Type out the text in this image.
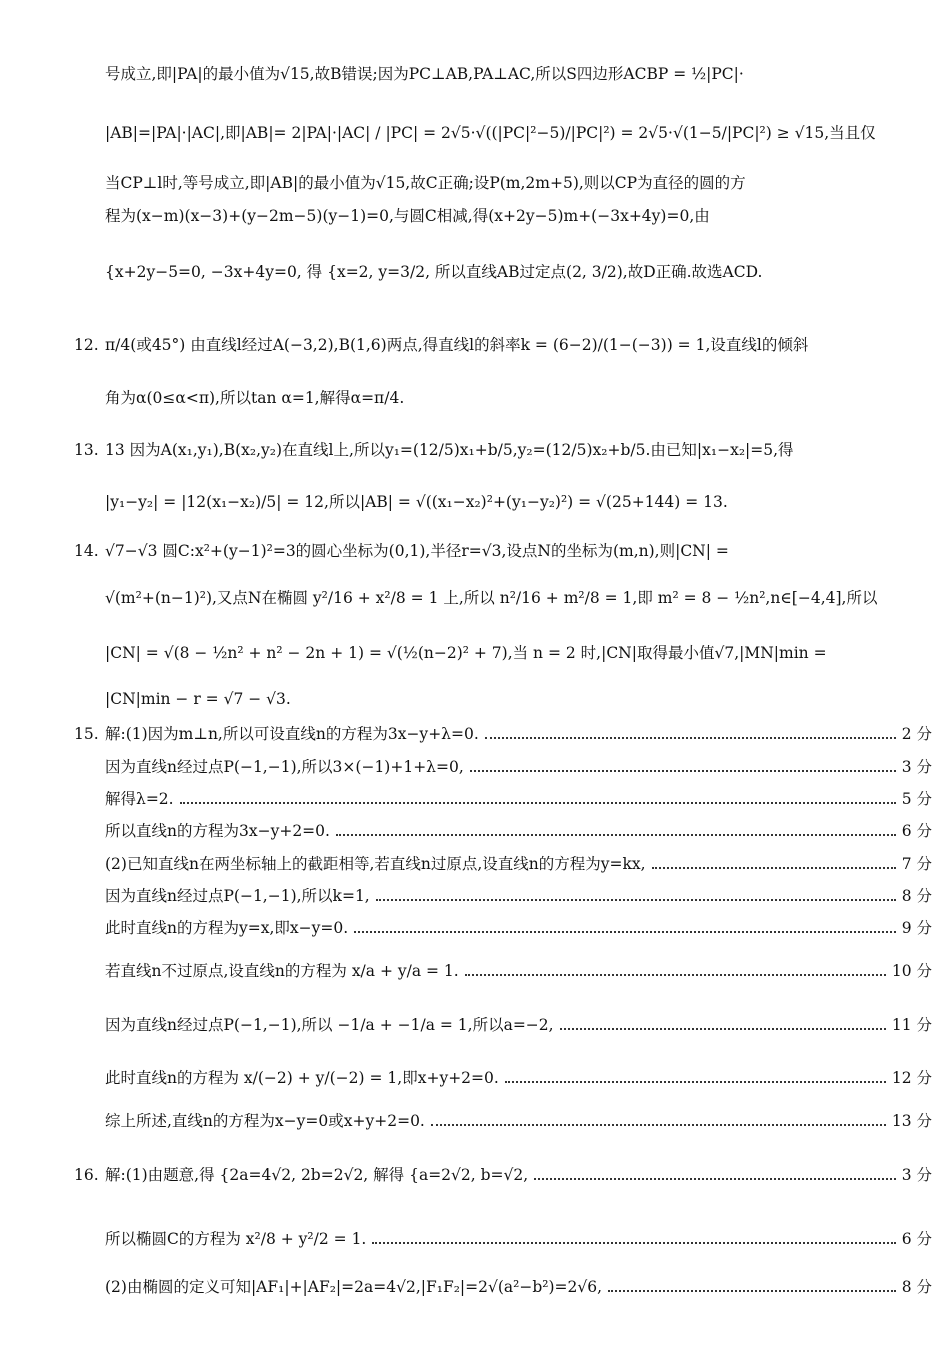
号成立,即|PA|的最小值为√15,故B错误;因为PC⊥AB,PA⊥AC,所以S四边形ACBP = ½|PC|·
|AB|=|PA|·|AC|,即|AB|= 2|PA|·|AC| / |PC| = 2√5·√((|PC|²−5)/|PC|²) = 2√5·√(1−5/|PC|²) ≥ √15,当且仅
当CP⊥l时,等号成立,即|AB|的最小值为√15,故C正确;设P(m,2m+5),则以CP为直径的圆的方
程为(x−m)(x−3)+(y−2m−5)(y−1)=0,与圆C相减,得(x+2y−5)m+(−3x+4y)=0,由
{x+2y−5=0, −3x+4y=0, 得 {x=2, y=3/2, 所以直线AB过定点(2, 3/2),故D正确.故选ACD.
12. π/4(或45°) 由直线l经过A(−3,2),B(1,6)两点,得直线l的斜率k = (6−2)/(1−(−3)) = 1,设直线l的倾斜
角为α(0≤α<π),所以tan α=1,解得α=π/4.
13. 13 因为A(x₁,y₁),B(x₂,y₂)在直线l上,所以y₁=(12/5)x₁+b/5,y₂=(12/5)x₂+b/5.由已知|x₁−x₂|=5,得
|y₁−y₂| = |12(x₁−x₂)/5| = 12,所以|AB| = √((x₁−x₂)²+(y₁−y₂)²) = √(25+144) = 13.
14. √7−√3 圆C:x²+(y−1)²=3的圆心坐标为(0,1),半径r=√3,设点N的坐标为(m,n),则|CN| =
√(m²+(n−1)²),又点N在椭圆 y²/16 + x²/8 = 1 上,所以 n²/16 + m²/8 = 1,即 m² = 8 − ½n²,n∈[−4,4],所以
|CN| = √(8 − ½n² + n² − 2n + 1) = √(½(n−2)² + 7),当 n = 2 时,|CN|取得最小值√7,|MN|min =
|CN|min − r = √7 − √3.
15. 解:(1)因为m⊥n,所以可设直线n的方程为3x−y+λ=0.	2 分
因为直线n经过点P(−1,−1),所以3×(−1)+1+λ=0,	3 分
解得λ=2.	5 分
所以直线n的方程为3x−y+2=0.	6 分
(2)已知直线n在两坐标轴上的截距相等,若直线n过原点,设直线n的方程为y=kx,	7 分
因为直线n经过点P(−1,−1),所以k=1,	8 分
此时直线n的方程为y=x,即x−y=0.	9 分
若直线n不过原点,设直线n的方程为 x/a + y/a = 1.	10 分
因为直线n经过点P(−1,−1),所以 −1/a + −1/a = 1,所以a=−2,	11 分
此时直线n的方程为 x/(−2) + y/(−2) = 1,即x+y+2=0.	12 分
综上所述,直线n的方程为x−y=0或x+y+2=0.	13 分
16. 解:(1)由题意,得 {2a=4√2, 2b=2√2, 解得 {a=2√2, b=√2,	3 分
所以椭圆C的方程为 x²/8 + y²/2 = 1.	6 分
(2)由椭圆的定义可知|AF₁|+|AF₂|=2a=4√2,|F₁F₂|=2√(a²−b²)=2√6,	8 分
